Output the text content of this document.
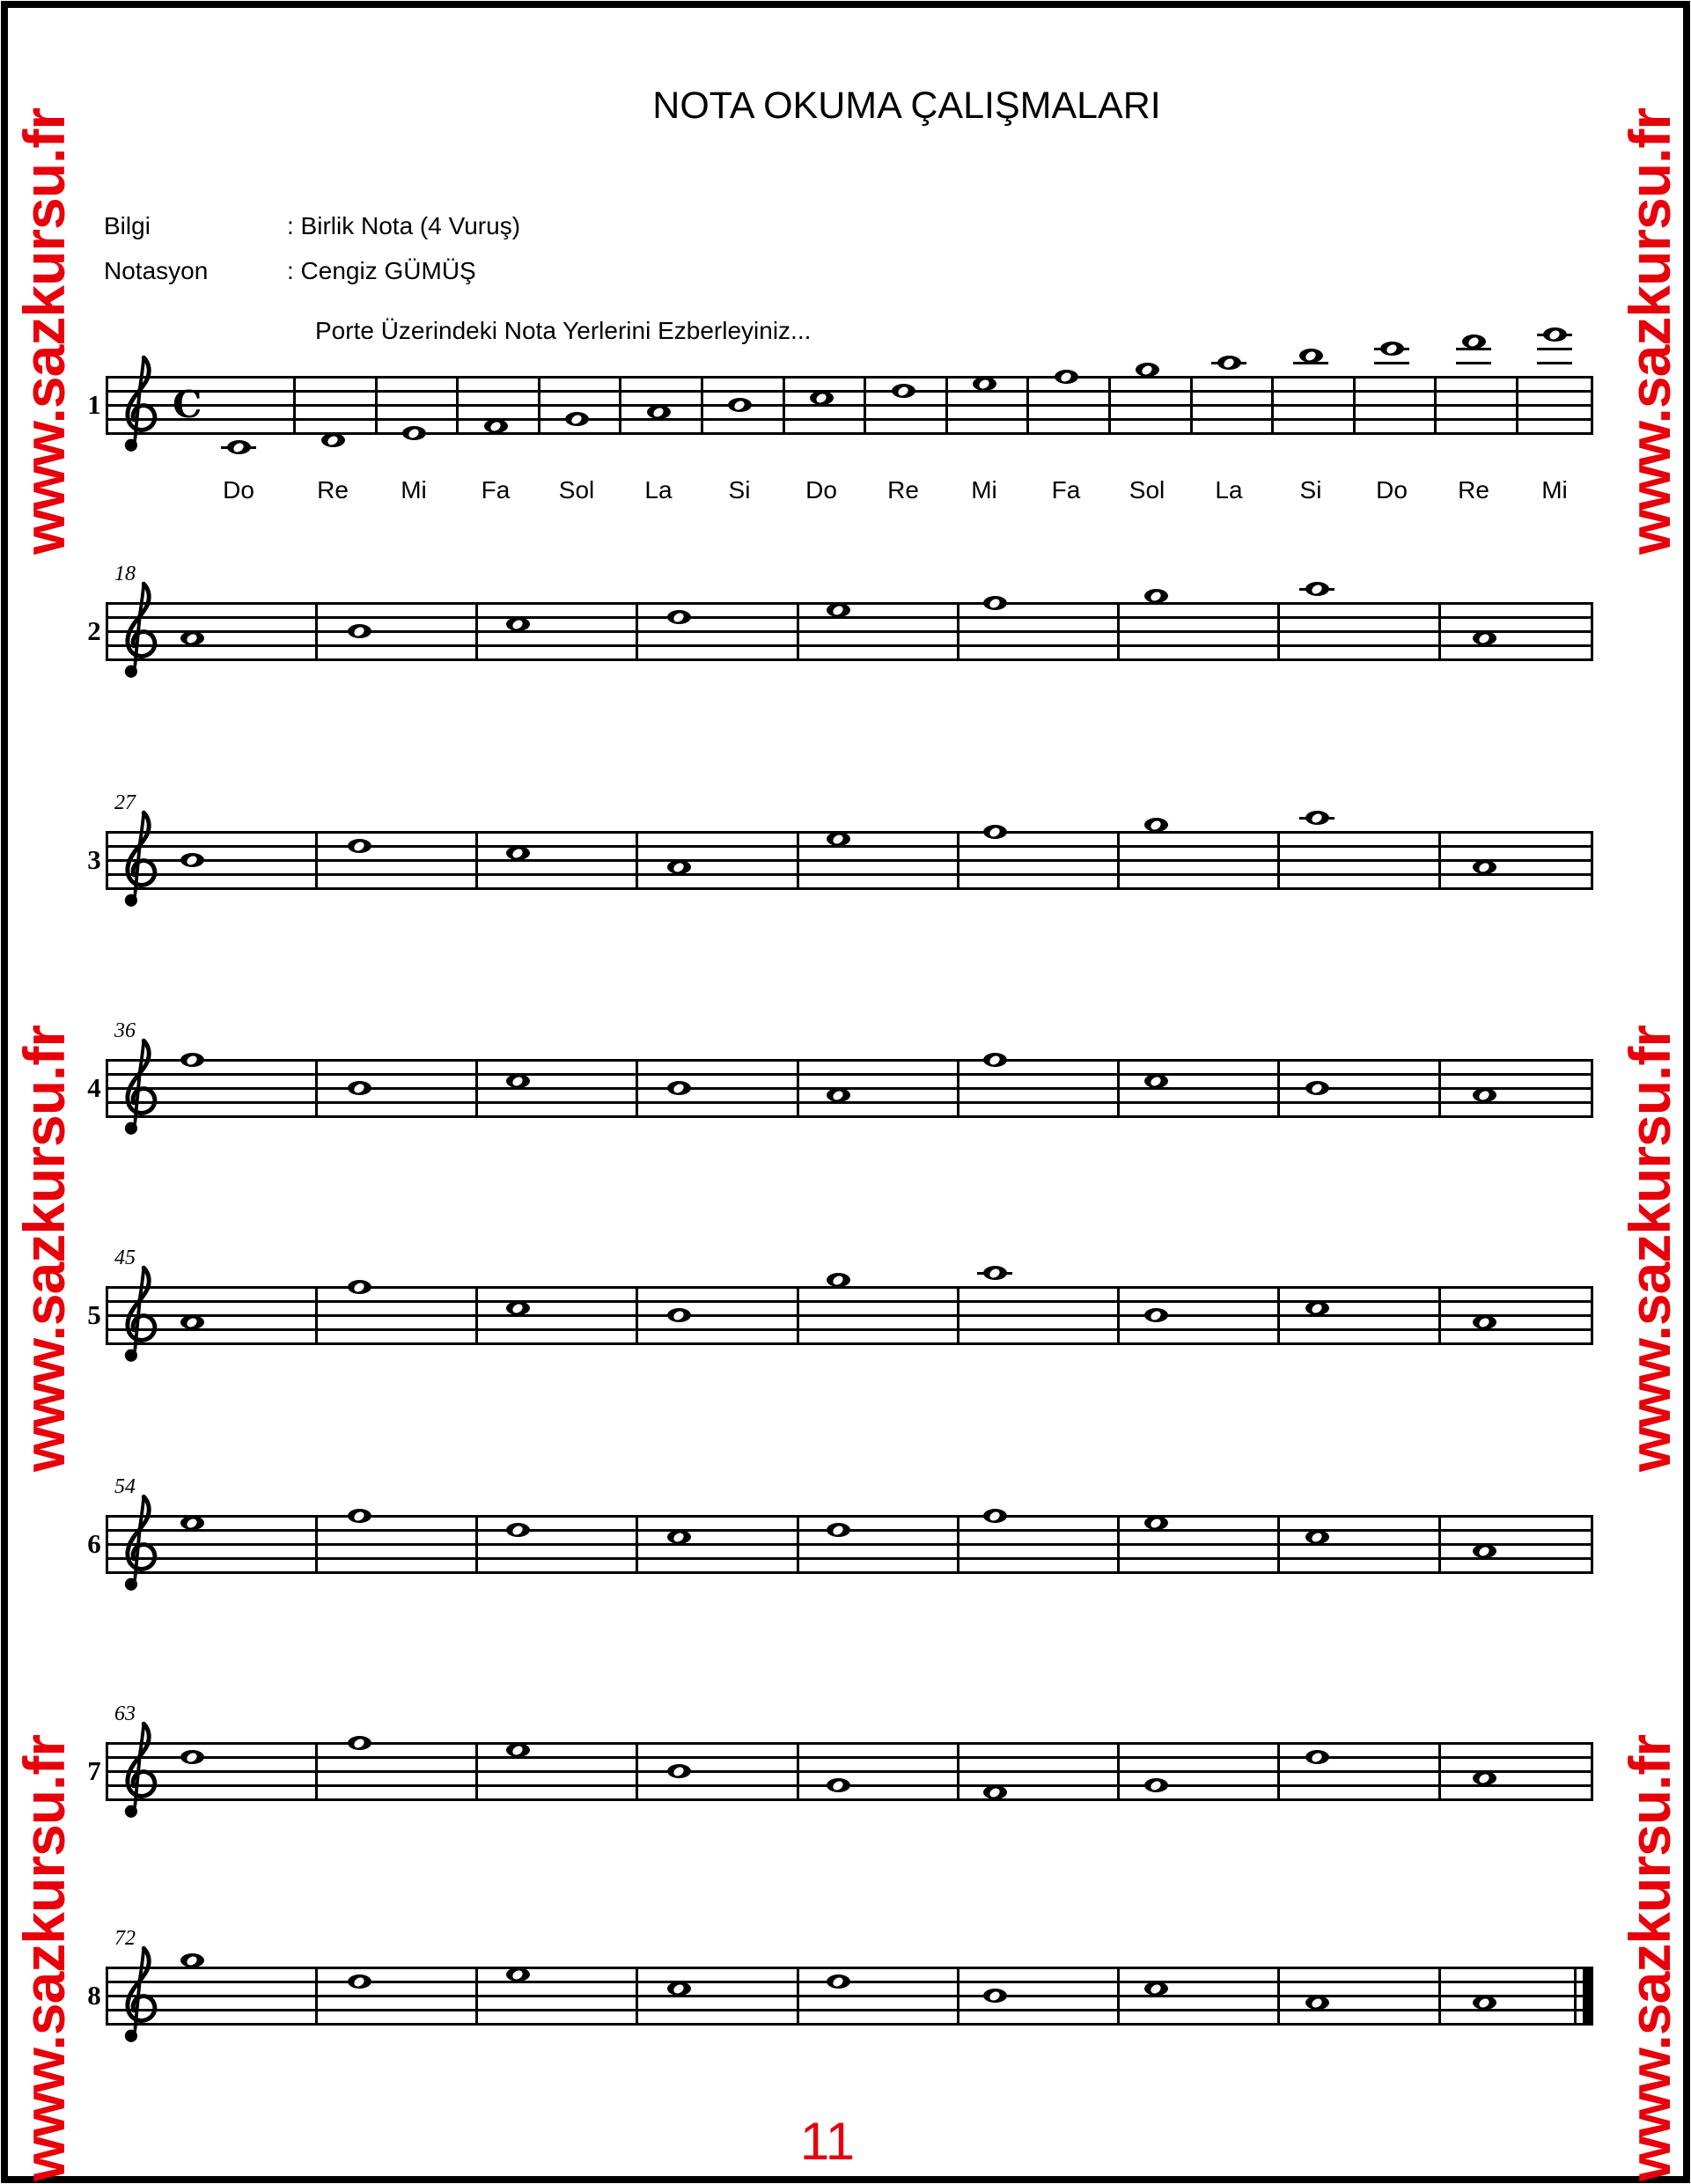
www.sazkursu.fr
www.sazkursu.fr
www.sazkursu.fr
www.sazkursu.fr
www.sazkursu.fr
www.sazkursu.fr
NOTA OKUMA ÇALIŞMALARI
Bilgi	: Birlik Nota (4 Vuruş)
Notasyon	: Cengiz GÜMÜŞ
Porte Üzerindeki Nota Yerlerini Ezberleyiniz...
1 C
Do	Re	Mi	Fa	Sol	La	Si	Do	Re	Mi	Fa	Sol	La	Si	Do	Re	Mi
2
18
3
27
4
36
5
45
6
54
7
63
8
72
11
